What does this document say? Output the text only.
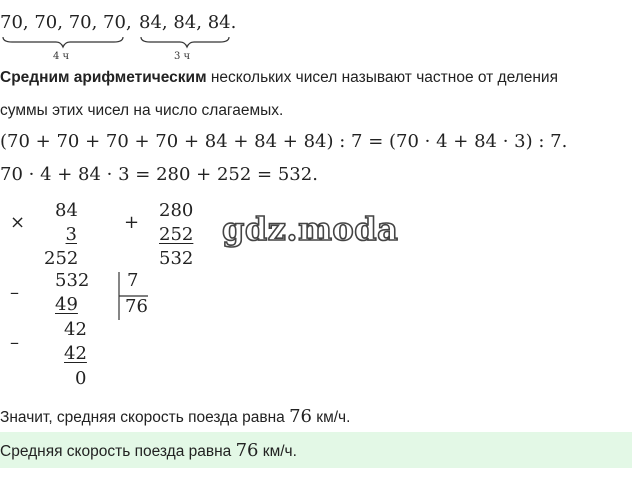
70, 70, 70, 70, 84, 84, 84.
4 ч	3 ч
Средним арифметическим нескольких чисел называют частное от деления
суммы этих чисел на число слагаемых.
(70 + 70 + 70 + 70 + 84 + 84 + 84) : 7 = (70 · 4 + 84 · 3) : 7.
70 · 4 + 84 · 3 = 280 + 252 = 532.
×
84
3
252
+
280
252
532
gdz.moda
–
532
49
7
76
–
42
42
0
Значит, средняя скорость поезда равна 76 км/ч.
Средняя скорость поезда равна 76 км/ч.
